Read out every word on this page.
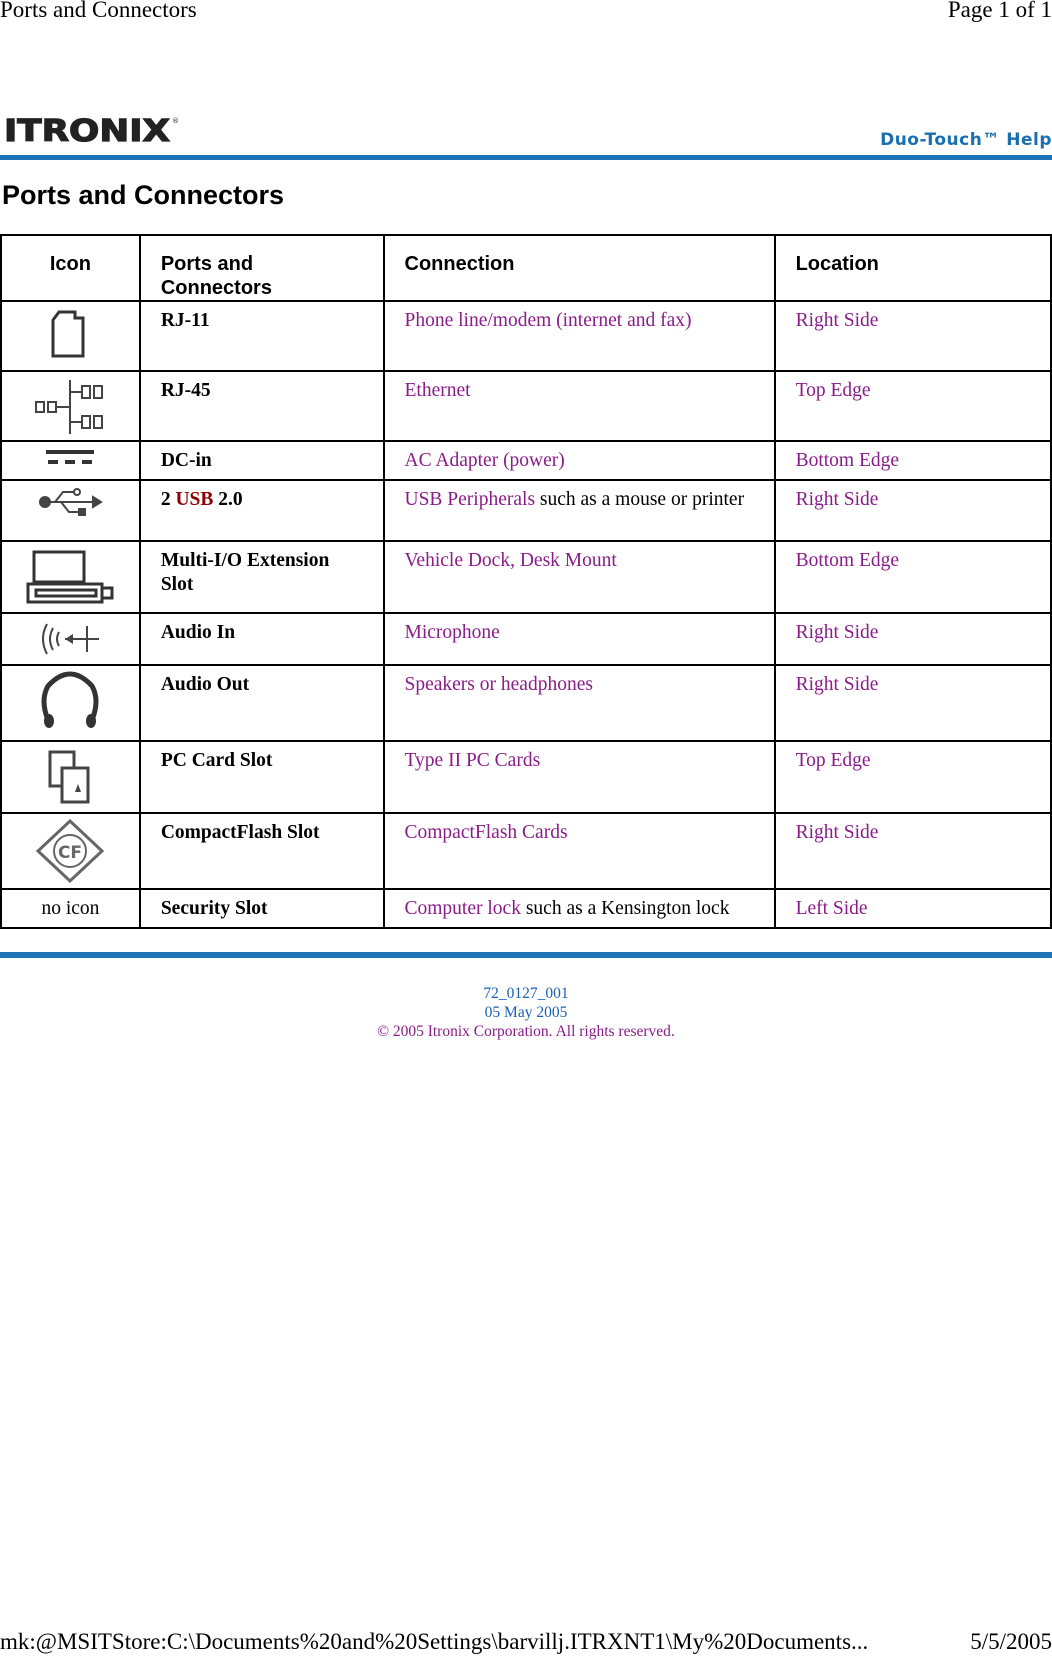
Ports and Connectors	Page 1 of 1
ITRONIX ®
Duo-Touch™ Help
Ports and Connectors
Icon	Ports and Connectors	Connection	Location

	RJ-11	Phone line/modem (internet and fax)	Right Side

	RJ-45	Ethernet	Top Edge

	DC-in	AC Adapter (power)	Bottom Edge

	2 USB 2.0	USB Peripherals such as a mouse or printer	Right Side

	Multi-I/O Extension Slot	Vehicle Dock, Desk Mount	Bottom Edge

	Audio In	Microphone	Right Side

	Audio Out	Speakers or headphones	Right Side

	PC Card Slot	Type II PC Cards	Top Edge

CF	CompactFlash Slot	CompactFlash Cards	Right Side

no icon	Security Slot	Computer lock such as a Kensington lock	Left Side
72_0127_001
05 May 2005
© 2005 Itronix Corporation. All rights reserved.
mk:@MSITStore:C:\Documents%20and%20Settings\barvillj.ITRXNT1\My%20Documents...	5/5/2005
